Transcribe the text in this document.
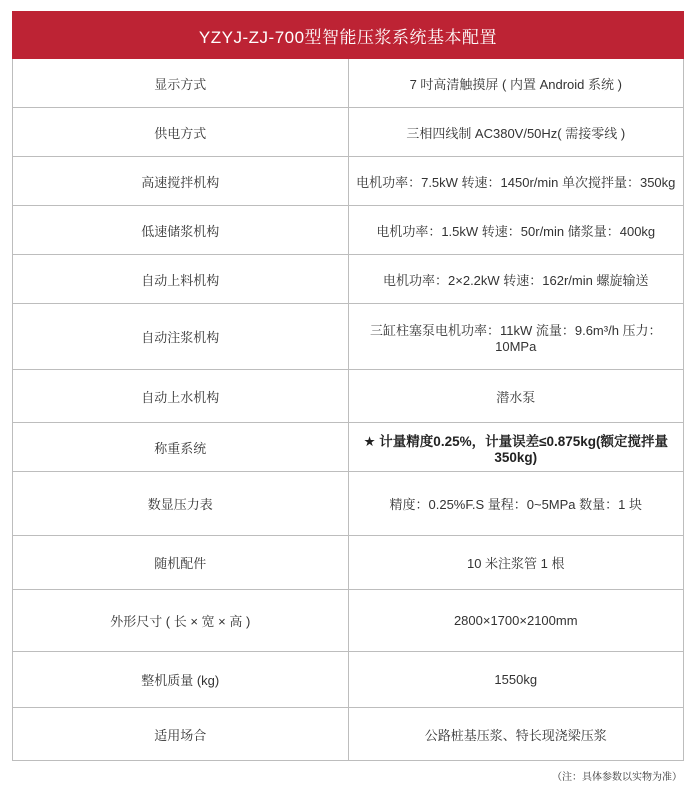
YZYJ-ZJ-700型智能压浆系统基本配置	
显示方式	7 吋高清触摸屏 ( 内置 Android 系统 )
供电方式	三相四线制 AC380V/50Hz( 需接零线 )
高速搅拌机构	电机功率：7.5kW 转速：1450r/min 单次搅拌量：350kg
低速储浆机构	电机功率：1.5kW 转速：50r/min 储浆量：400kg
自动上料机构	电机功率：2×2.2kW 转速：162r/min 螺旋输送
自动注浆机构	三缸柱塞泵电机功率：11kW 流量：9.6m³/h 压力：10MPa
自动上水机构	潜水泵
称重系统	★ 计量精度0.25%，计量误差≤0.875kg(额定搅拌量350kg)
数显压力表	精度：0.25%F.S 量程：0~5MPa 数量：1 块
随机配件	10 米注浆管 1 根
外形尺寸 ( 长 × 宽 × 高 )	2800×1700×2100mm
整机质量 (kg)	1550kg
适用场合	公路桩基压浆、特长现浇梁压浆
（注：具体参数以实物为准）
